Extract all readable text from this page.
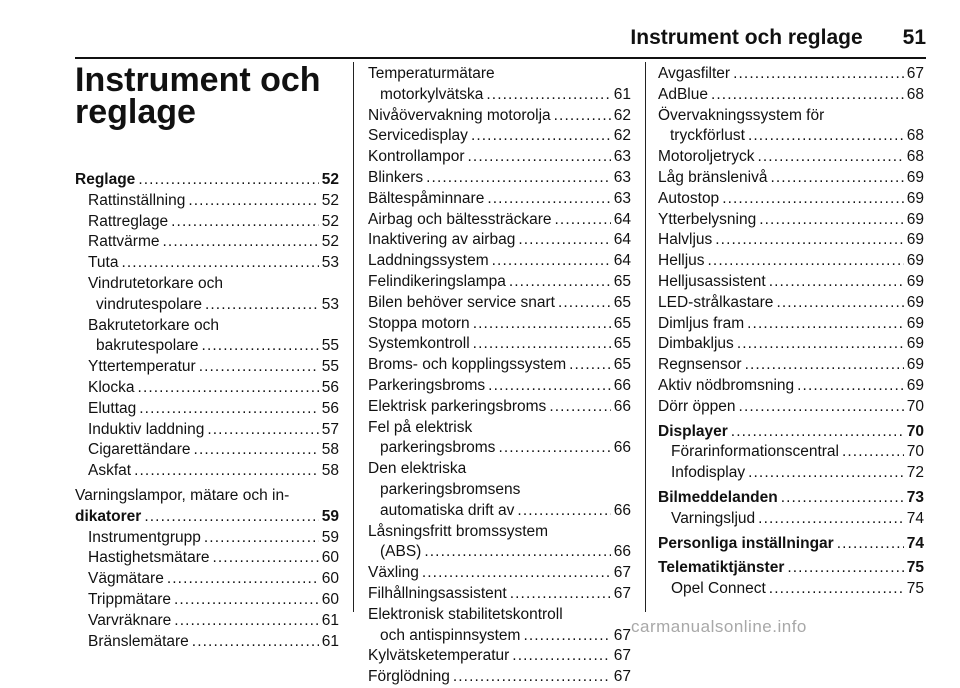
Instrument och reglage 51
Instrument och reglage
Reglage . . .	52
Rattinställning . . .	52
Rattreglage . . .	52
Rattvärme . . .	52
Tuta . . .	53
Vindrutetorkare och
vindrutespolare . . .	53
Bakrutetorkare och
bakrutespolare . . .	55
Yttertemperatur . . .	55
Klocka . . .	56
Eluttag . . .	56
Induktiv laddning . . .	57
Cigarettändare . . .	58
Askfat . . .	58
Varningslampor, mätare och in-
dikatorer . . .	59
Instrumentgrupp . . .	59
Hastighetsmätare . . .	60
Vägmätare . . .	60
Trippmätare . . .	60
Varvräknare . . .	61
Bränslemätare . . .	61
Temperaturmätare
motorkylvätska . . .	61
Nivåövervakning motorolja . . .	62
Servicedisplay . . .	62
Kontrollampor . . .	63
Blinkers . . .	63
Bältespåminnare . . .	63
Airbag och bältessträckare . . .	64
Inaktivering av airbag . . .	64
Laddningssystem . . .	64
Felindikeringslampa . . .	65
Bilen behöver service snart . . .	65
Stoppa motorn . . .	65
Systemkontroll . . .	65
Broms- och kopplingssystem . . .	65
Parkeringsbroms . . .	66
Elektrisk parkeringsbroms . . .	66
Fel på elektrisk
parkeringsbroms . . .	66
Den elektriska
parkeringsbromsens
automatiska drift av . . .	66
Låsningsfritt bromssystem
(ABS) . . .	66
Växling . . .	67
Filhållningsassistent . . .	67
Elektronisk stabilitetskontroll
och antispinnsystem . . .	67
Kylvätsketemperatur . . .	67
Förglödning . . .	67
Avgasfilter . . .	67
AdBlue . . .	68
Övervakningssystem för
tryckförlust . . .	68
Motoroljetryck . . .	68
Låg bränslenivå . . .	69
Autostop . . .	69
Ytterbelysning . . .	69
Halvljus . . .	69
Helljus . . .	69
Helljusassistent . . .	69
LED-strålkastare . . .	69
Dimljus fram . . .	69
Dimbakljus . . .	69
Regnsensor . . .	69
Aktiv nödbromsning . . .	69
Dörr öppen . . .	70
Displayer . . .	70
Förarinformationscentral . . .	70
Infodisplay . . .	72
Bilmeddelanden . . .	73
Varningsljud . . .	74
Personliga inställningar . . .	74
Telematiktjänster . . .	75
Opel Connect . . .	75
carmanualsonline.info
